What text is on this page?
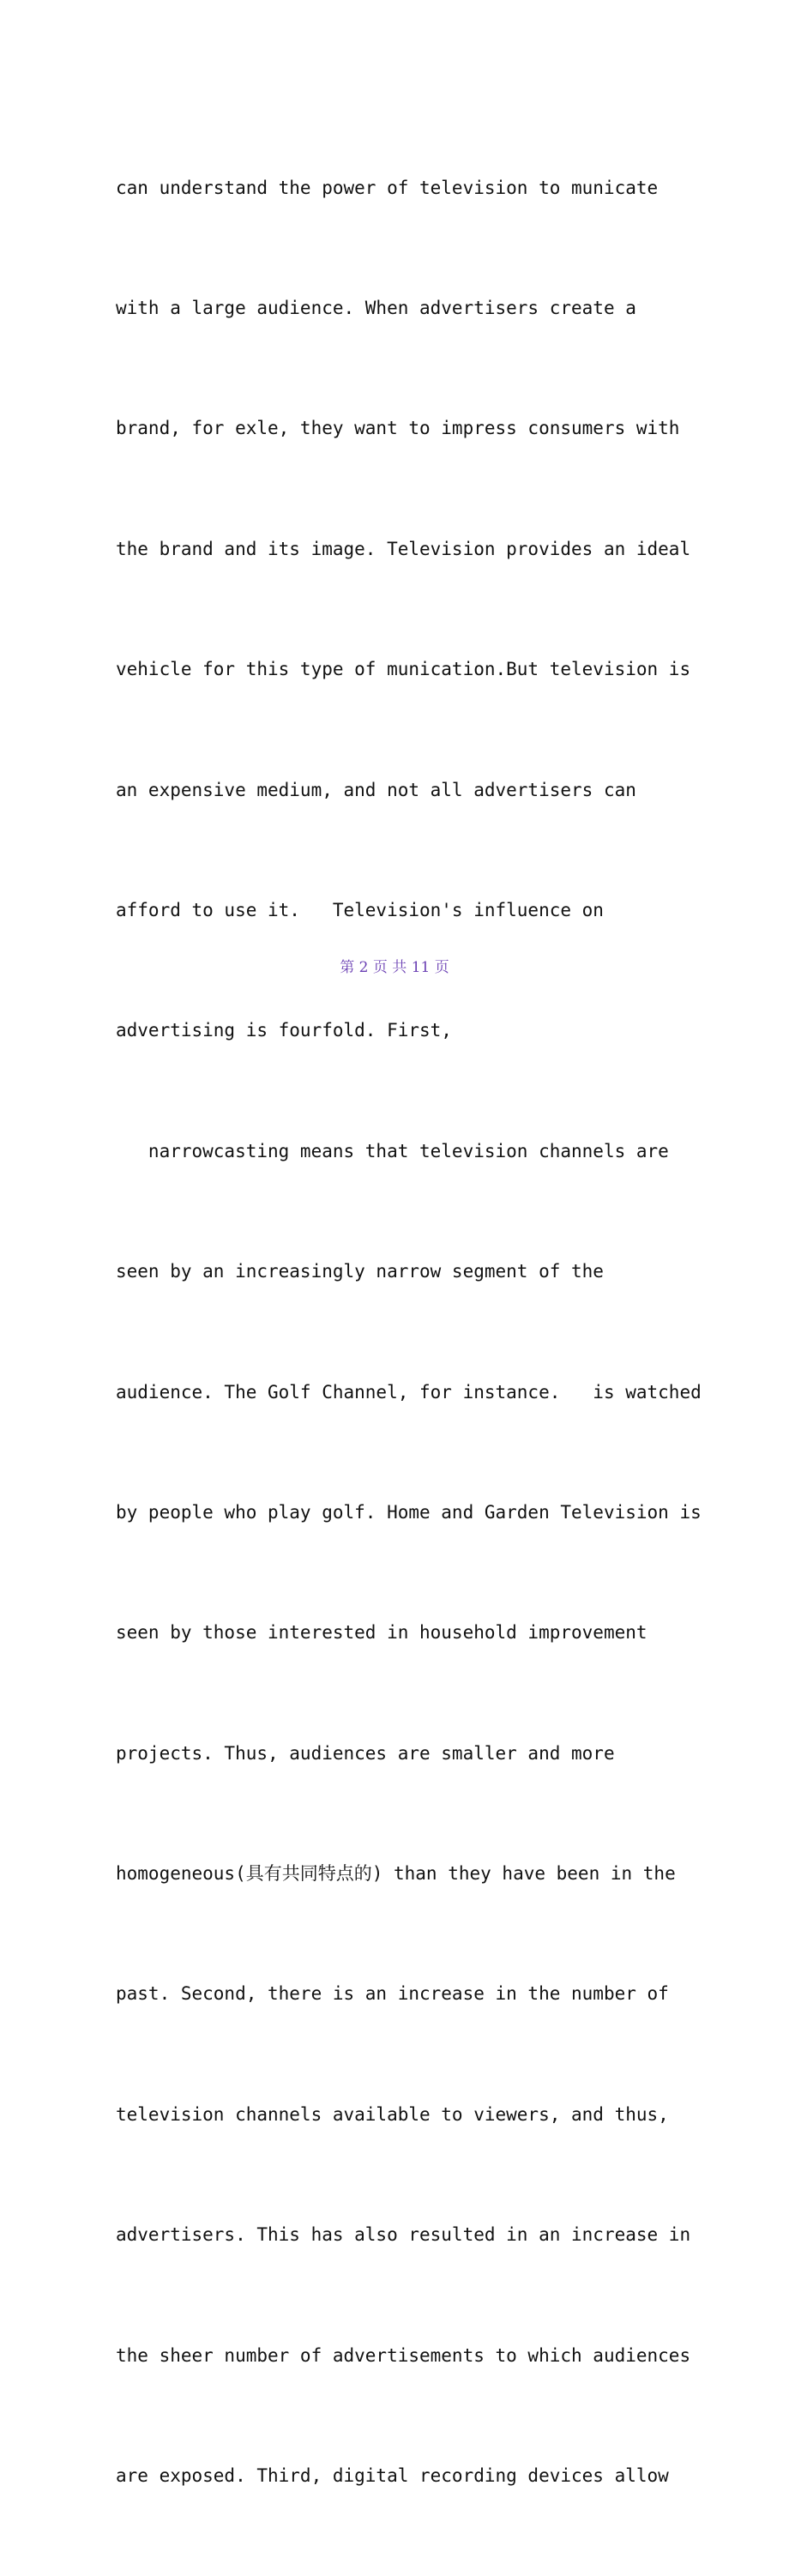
can understand the power of television to municate

with a large audience. When advertisers create a

brand, for exle, they want to impress consumers with

the brand and its image. Television provides an ideal

vehicle for this type of munication.But television is

an expensive medium, and not all advertisers can

afford to use it.   Television's influence on

advertising is fourfold. First,

narrowcasting means that television channels are

seen by an increasingly narrow segment of the

audience. The Golf Channel, for instance.   is watched

by people who play golf. Home and Garden Television is

seen by those interested in household improvement

projects. Thus, audiences are smaller and more

homogeneous(具有共同特点的) than they have been in the

past. Second, there is an increase in the number of

television channels available to viewers, and thus,

advertisers. This has also resulted in an increase in

the sheer number of advertisements to which audiences

are exposed. Third, digital recording devices allow

第 2 页 共 11 页
